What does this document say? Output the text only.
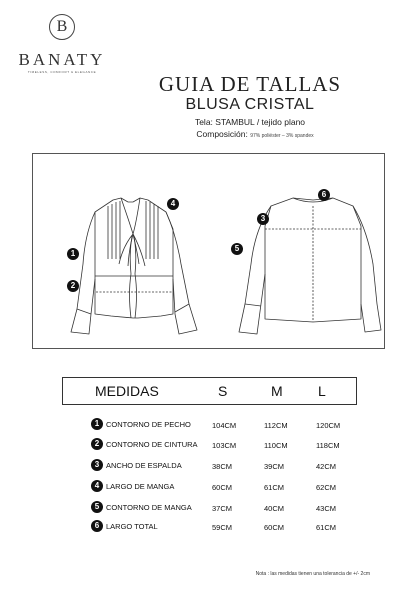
B
BANATY
TIMELESS, COMFORT & ELEGANCE	GUIA DE TALLAS
BLUSA CRISTAL
Tela: STAMBUL / tejido plano
Composición: 97% poliéster – 3% spandex
1
2
4
3
5
6
MEDIDAS	S	M	L
1 CONTORNO DE PECHO	104CM	112CM	120CM
2 CONTORNO DE CINTURA 103CM	110CM	118CM
3 ANCHO DE ESPALDA	38CM	39CM	42CM
4 LARGO DE MANGA	60CM	61CM	62CM
5 CONTORNO DE MANGA	37CM	40CM	43CM
6 LARGO TOTAL	59CM	60CM	61CM
Nota : las medidas tienen una tolerancia de +/- 2cm
